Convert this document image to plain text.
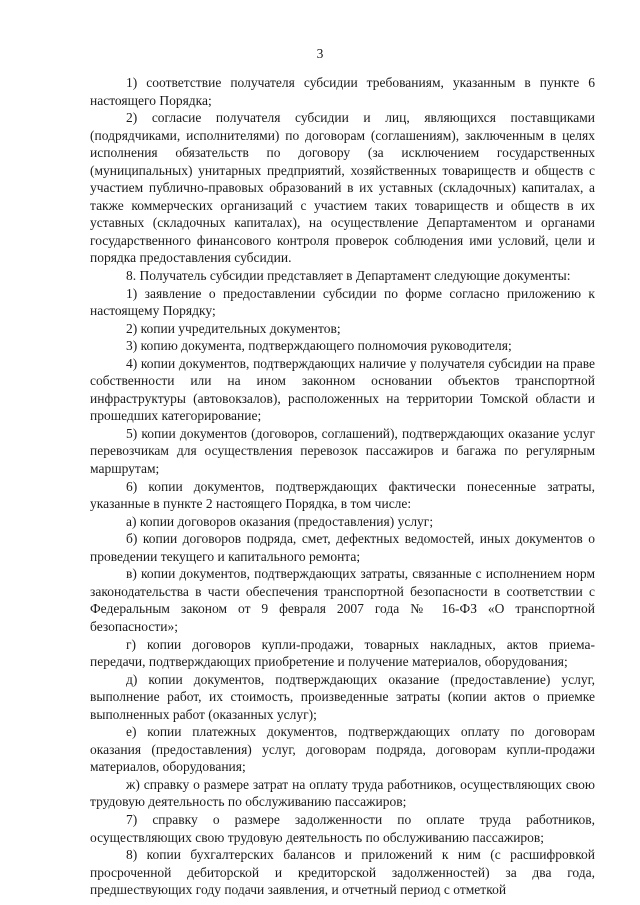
3

1) соответствие получателя субсидии требованиям, указанным в пункте 6 настоящего Порядка;

2) согласие получателя субсидии и лиц, являющихся поставщиками (подрядчиками, исполнителями) по договорам (соглашениям), заключенным в целях исполнения обязательств по договору (за исключением государственных (муниципальных) унитарных предприятий, хозяйственных товариществ и обществ с участием публично-правовых образований в их уставных (складочных) капиталах, а также коммерческих организаций с участием таких товариществ и обществ в их уставных (складочных капиталах), на осуществление Департаментом и органами государственного финансового контроля проверок соблюдения ими условий, цели и порядка предоставления субсидии.

8. Получатель субсидии представляет в Департамент следующие документы:

1) заявление о предоставлении субсидии по форме согласно приложению к настоящему Порядку;

2) копии учредительных документов;

3) копию документа, подтверждающего полномочия руководителя;

4) копии документов, подтверждающих наличие у получателя субсидии на праве собственности или на ином законном основании объектов транспортной инфраструктуры (автовокзалов), расположенных на территории Томской области и прошедших категорирование;

5) копии документов (договоров, соглашений), подтверждающих оказание услуг перевозчикам для осуществления перевозок пассажиров и багажа по регулярным маршрутам;

6) копии документов, подтверждающих фактически понесенные затраты, указанные в пункте 2 настоящего Порядка, в том числе:

а) копии договоров оказания (предоставления) услуг;

б) копии договоров подряда, смет, дефектных ведомостей, иных документов о проведении текущего и капитального ремонта;

в) копии документов, подтверждающих затраты, связанные с исполнением норм законодательства в части обеспечения транспортной безопасности в соответствии с Федеральным законом от 9 февраля 2007 года № 16-ФЗ «О транспортной безопасности»;

г) копии договоров купли-продажи, товарных накладных, актов приема-передачи, подтверждающих приобретение и получение материалов, оборудования;

д) копии документов, подтверждающих оказание (предоставление) услуг, выполнение работ, их стоимость, произведенные затраты (копии актов о приемке выполненных работ (оказанных услуг);

е) копии платежных документов, подтверждающих оплату по договорам оказания (предоставления) услуг, договорам подряда, договорам купли-продажи материалов, оборудования;

ж) справку о размере затрат на оплату труда работников, осуществляющих свою трудовую деятельность по обслуживанию пассажиров;

7) справку о размере задолженности по оплате труда работников, осуществляющих свою трудовую деятельность по обслуживанию пассажиров;

8) копии бухгалтерских балансов и приложений к ним (с расшифровкой просроченной дебиторской и кредиторской задолженностей) за два года, предшествующих году подачи заявления, и отчетный период с отметкой
